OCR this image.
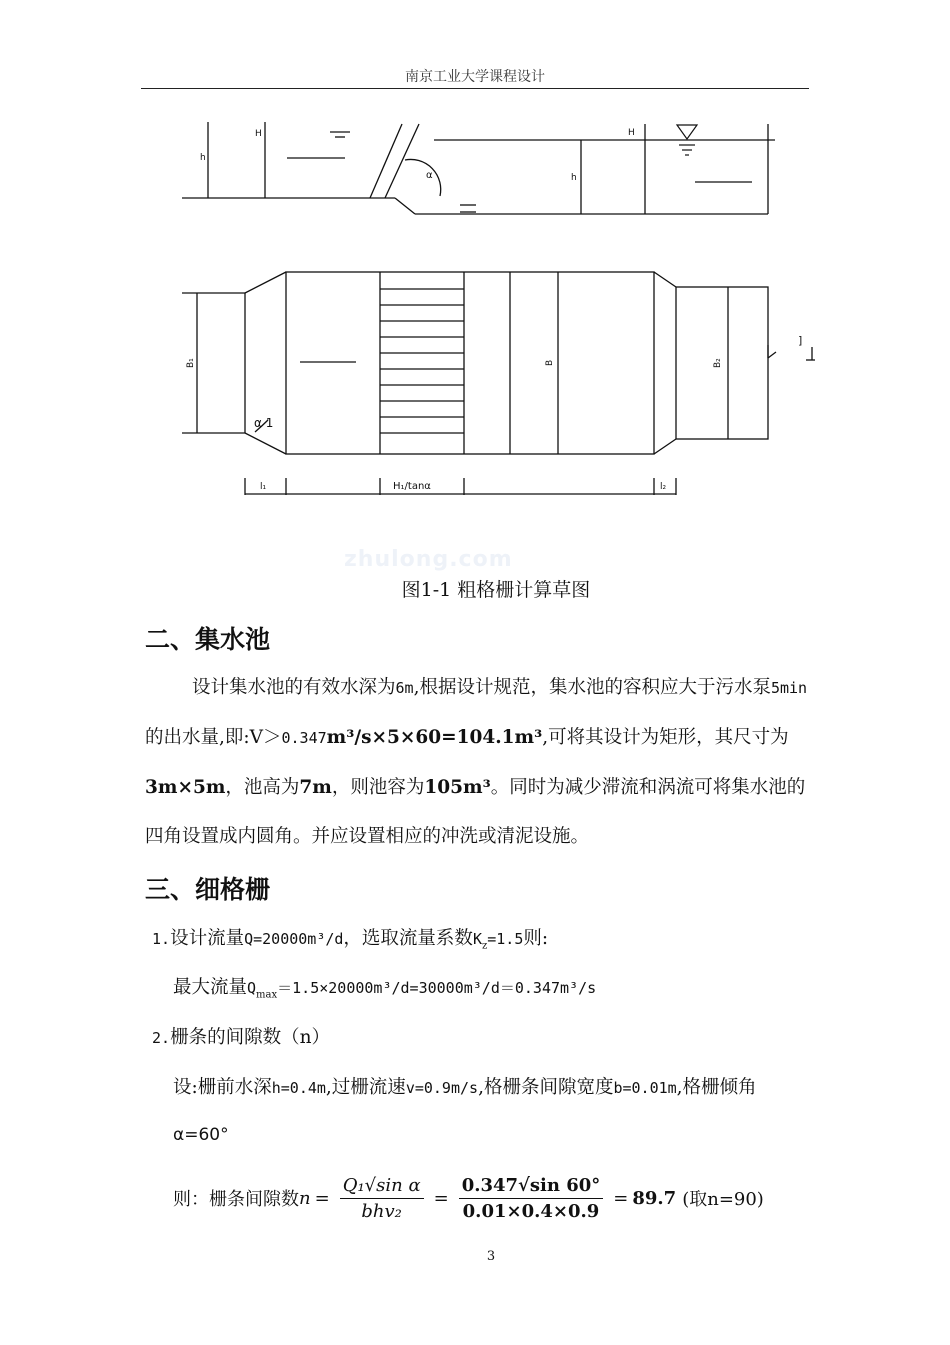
南京工业大学课程设计
h
H
α	h
H
B₁
α 1
B	B₂
]
l₁	H₁/tanα	l₂
zhulong.com
图1-1 粗格栅计算草图
二、集水池
设计集水池的有效水深为6m,根据设计规范，集水池的容积应大于污水泵5min的出水量,即:V＞0.347m³/s×5×60=104.1m³,可将其设计为矩形，其尺寸为3m×5m，池高为7m，则池容为105m³。同时为减少滞流和涡流可将集水池的四角设置成内圆角。并应设置相应的冲洗或清泥设施。
三、细格栅
1.设计流量Q=20000m³/d，选取流量系数$K_z=1.5$则:
最大流量$Q_{max}=1.5\times 20000m^3/d=30000m^3/d=0.347m^3/s$
2.栅条的间隙数（n）
设:栅前水深h=0.4m,过栅流速v=0.9m/s,格栅条间隙宽度b=0.01m,格栅倾角
α=60°
则：栅条间隙数 $n = \frac{\text{Q₁√sin α}}{\text{bhv₂}} = \frac{0.347√\sin 60^\circ}{0.01\times 0.4\times 0.9} = 89.7$ (取n=90)
3
